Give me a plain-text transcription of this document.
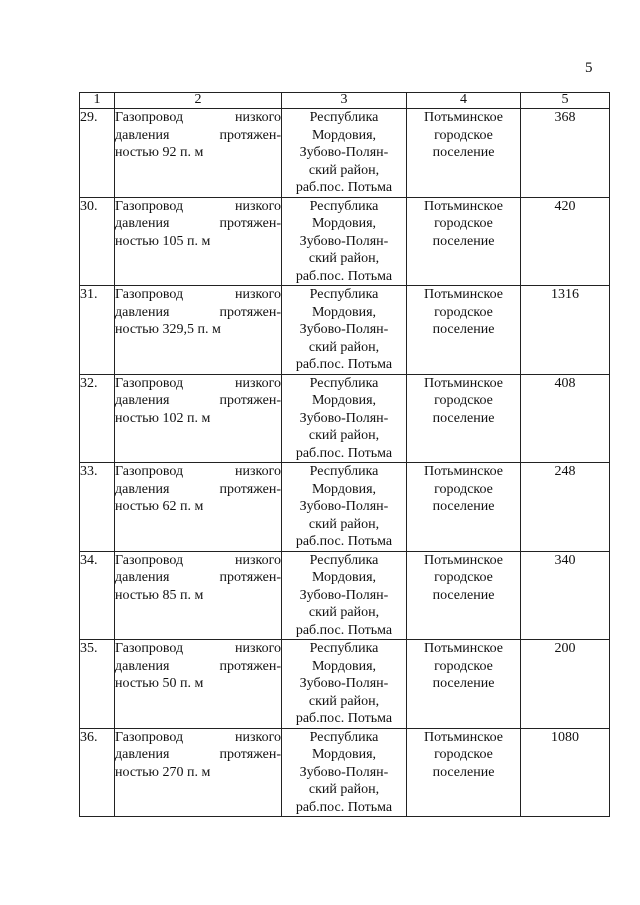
5
1	2	3	4	5
29.	Газопровод низкого
давления протяжен-
ностью 92 п. м	Республика
Мордовия,
Зубово-Полян-
ский район,
раб.пос. Потьма	Потьминское
городское
поселение	368
30.	Газопровод низкого
давления протяжен-
ностью 105 п. м	Республика
Мордовия,
Зубово-Полян-
ский район,
раб.пос. Потьма	Потьминское
городское
поселение	420
31.	Газопровод низкого
давления протяжен-
ностью 329,5 п. м	Республика
Мордовия,
Зубово-Полян-
ский район,
раб.пос. Потьма	Потьминское
городское
поселение	1316
32.	Газопровод низкого
давления протяжен-
ностью 102 п. м	Республика
Мордовия,
Зубово-Полян-
ский район,
раб.пос. Потьма	Потьминское
городское
поселение	408
33.	Газопровод низкого
давления протяжен-
ностью 62 п. м	Республика
Мордовия,
Зубово-Полян-
ский район,
раб.пос. Потьма	Потьминское
городское
поселение	248
34.	Газопровод низкого
давления протяжен-
ностью 85 п. м	Республика
Мордовия,
Зубово-Полян-
ский район,
раб.пос. Потьма	Потьминское
городское
поселение	340
35.	Газопровод низкого
давления протяжен-
ностью 50 п. м	Республика
Мордовия,
Зубово-Полян-
ский район,
раб.пос. Потьма	Потьминское
городское
поселение	200
36.	Газопровод низкого
давления протяжен-
ностью 270 п. м	Республика
Мордовия,
Зубово-Полян-
ский район,
раб.пос. Потьма	Потьминское
городское
поселение	1080
